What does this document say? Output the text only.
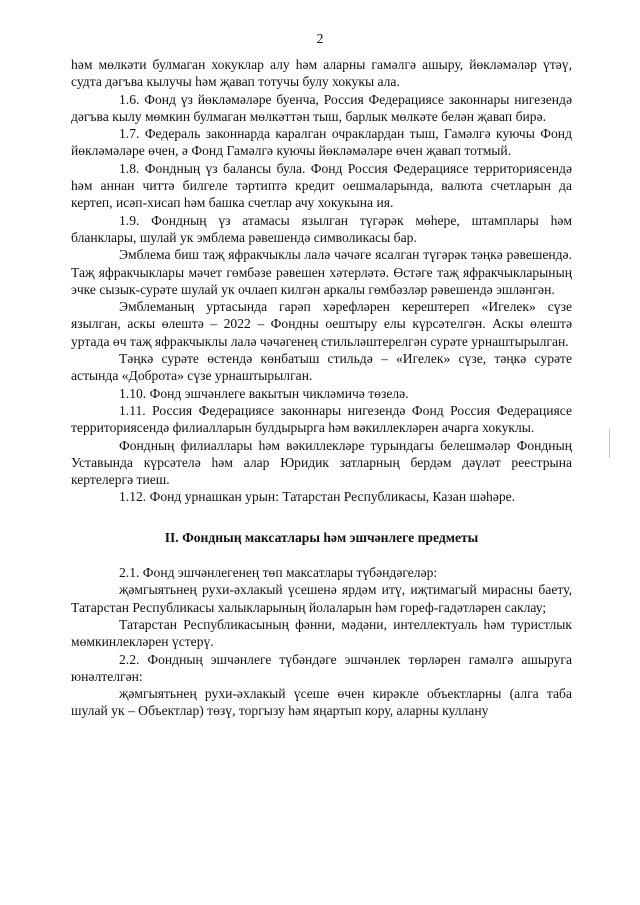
2

һәм мөлкәти булмаган хокуклар алу һәм аларны гамәлгә ашыру, йөкләмәләр үтәү, судта дәгъва кылучы һәм җавап тотучы булу хокукы ала.

1.6. Фонд үз йөкләмәләре буенча, Россия Федерациясе законнары нигезендә дәгъва кылу мөмкин булмаган мөлкәттән тыш, барлык мөлкәте белән җавап бирә.

1.7. Федераль законнарда каралган очраклардан тыш, Гамәлгә куючы Фонд йөкләмәләре өчен, ә Фонд Гамәлгә куючы йөкләмәләре өчен җавап тотмый.

1.8. Фондның үз балансы була. Фонд Россия Федерациясе территориясендә һәм аннан читтә билгеле тәртиптә кредит оешмаларында, валюта счетларын да кертеп, исәп-хисап һәм башка счетлар ачу хокукына ия.

1.9. Фондның үз атамасы язылган түгәрәк мөһере, штамплары һәм бланклары, шулай ук эмблема рәвешендә символикасы бар.

Эмблема биш таҗ яфракчыклы лалә чәчәге ясалган түгәрәк тәңкә рәвешендә. Таҗ яфракчыклары мәчет гөмбәзе рәвешен хәтерләтә. Өстәге таҗ яфракчыкларының эчке сызык-сурәте шулай ук очлаеп килгән аркалы гөмбәзләр рәвешендә эшләнгән.

Эмблеманың уртасында гарәп хәрефләрен керештереп «Игелек» сүзе язылган, аскы өлештә – 2022 – Фондны оештыру елы күрсәтелгән. Аскы өлештә уртада өч таҗ яфракчыклы лалә чәчәгенең стильләштерелгән сурәте урнаштырылган.

Тәңкә сурәте өстендә көнбатыш стильдә – «Игелек» сүзе, тәңкә сурәте астында «Доброта» сүзе урнаштырылган.

1.10. Фонд эшчәнлеге вакытын чикләмичә төзелә.

1.11. Россия Федерациясе законнары нигезендә Фонд Россия Федерациясе территориясендә филиалларын булдырырга һәм вәкиллекләрен ачарга хокуклы.

Фондның филиаллары һәм вәкиллекләре турындагы белешмәләр Фондның Уставында күрсәтелә һәм алар Юридик затларның бердәм дәүләт реестрына кертелергә тиеш.

1.12. Фонд урнашкан урын: Татарстан Республикасы, Казан шәһәре.

II. Фондның максатлары һәм эшчәнлеге предметы

2.1. Фонд эшчәнлегенең төп максатлары түбәндәгеләр:

җәмгыятьнең рухи-әхлакый үсешенә ярдәм итү, иҗтимагый мирасны баету, Татарстан Республикасы халыкларының йолаларын һәм гореф-гадәтләрен саклау;

Татарстан Республикасының фәнни, мәдәни, интеллектуаль һәм туристлык мөмкинлекләрен үстерү.

2.2. Фондның эшчәнлеге түбәндәге эшчәнлек төрләрен гамәлгә ашыруга юнәлтелгән:

җәмгыятьнең рухи-әхлакый үсеше өчен кирәкле объектларны (алга таба шулай ук – Объектлар) төзү, торгызу һәм яңартып кору, аларны куллану
